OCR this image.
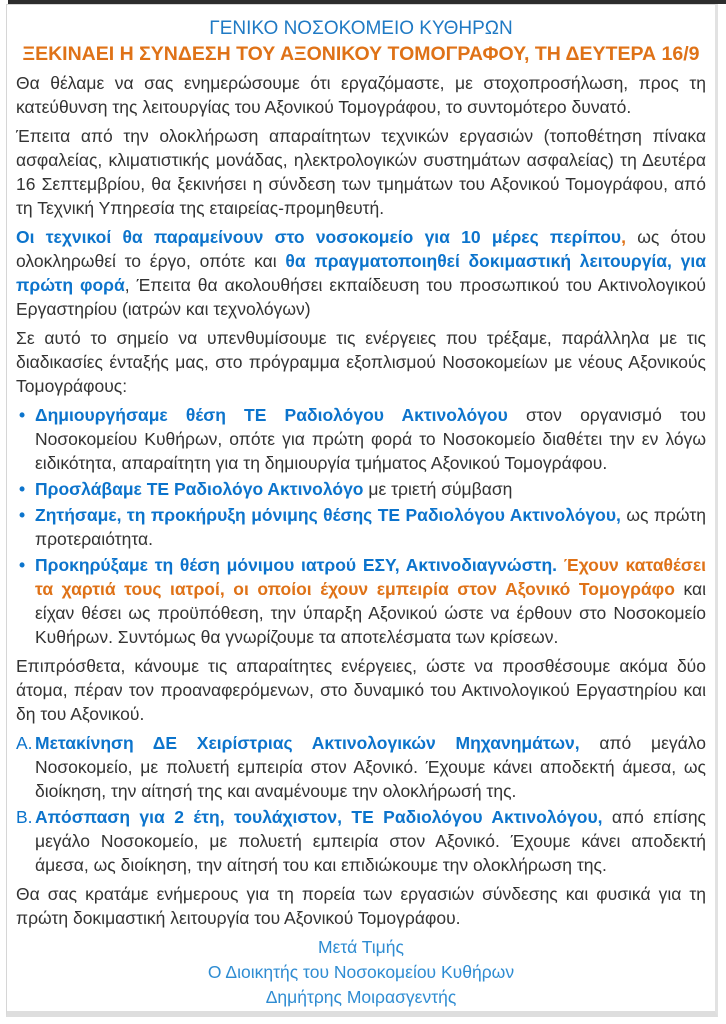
ΓΕΝΙΚΟ ΝΟΣΟΚΟΜΕΙΟ ΚΥΘΗΡΩΝ
ΞΕΚΙΝΑΕΙ Η ΣΥΝΔΕΣΗ ΤΟΥ ΑΞΟΝΙΚΟΥ ΤΟΜΟΓΡΑΦΟΥ, ΤΗ ΔΕΥΤΕΡΑ 16/9
Θα θέλαμε να σας ενημερώσουμε ότι εργαζόμαστε, με στοχοπροσήλωση, προς τη κατεύθυνση της λειτουργίας του Αξονικού Τομογράφου, το συντομότερο δυνατό.
Έπειτα από την ολοκλήρωση απαραίτητων τεχνικών εργασιών (τοποθέτηση πίνακα ασφαλείας, κλιματιστικής μονάδας, ηλεκτρολογικών συστημάτων ασφαλείας) τη Δευτέρα 16 Σεπτεμβρίου, θα ξεκινήσει η σύνδεση των τμημάτων του Αξονικού Τομογράφου, από τη Τεχνική Υπηρεσία της εταιρείας-προμηθευτή.
Οι τεχνικοί θα παραμείνουν στο νοσοκομείο για 10 μέρες περίπου, ως ότου ολοκληρωθεί το έργο, οπότε και θα πραγματοποιηθεί δοκιμαστική λειτουργία, για πρώτη φορά, Έπειτα θα ακολουθήσει εκπαίδευση του προσωπικού του Ακτινολογικού Εργαστηρίου (ιατρών και τεχνολόγων)
Σε αυτό το σημείο να υπενθυμίσουμε τις ενέργειες που τρέξαμε, παράλληλα με τις διαδικασίες ένταξής μας, στο πρόγραμμα εξοπλισμού Νοσοκομείων με νέους Αξονικούς Τομογράφους:
• Δημιουργήσαμε θέση ΤΕ Ραδιολόγου Ακτινολόγου στον οργανισμό του Νοσοκομείου Κυθήρων, οπότε για πρώτη φορά το Νοσοκομείο διαθέτει την εν λόγω ειδικότητα, απαραίτητη για τη δημιουργία τμήματος Αξονικού Τομογράφου.
• Προσλάβαμε ΤΕ Ραδιολόγο Ακτινολόγο με τριετή σύμβαση
• Ζητήσαμε, τη προκήρυξη μόνιμης θέσης ΤΕ Ραδιολόγου Ακτινολόγου, ως πρώτη προτεραιότητα.
• Προκηρύξαμε τη θέση μόνιμου ιατρού ΕΣΥ, Ακτινοδιαγνώστη. Έχουν καταθέσει τα χαρτιά τους ιατροί, οι οποίοι έχουν εμπειρία στον Αξονικό Τομογράφο και είχαν θέσει ως προϋπόθεση, την ύπαρξη Αξονικού ώστε να έρθουν στο Νοσοκομείο Κυθήρων. Συντόμως θα γνωρίζουμε τα αποτελέσματα των κρίσεων.
Επιπρόσθετα, κάνουμε τις απαραίτητες ενέργειες, ώστε να προσθέσουμε ακόμα δύο άτομα, πέραν τον προαναφερόμενων, στο δυναμικό του Ακτινολογικού Εργαστηρίου και δη του Αξονικού.
Α. Μετακίνηση ΔΕ Χειρίστριας Ακτινολογικών Μηχανημάτων, από μεγάλο Νοσοκομείο, με πολυετή εμπειρία στον Αξονικό. Έχουμε κάνει αποδεκτή άμεσα, ως διοίκηση, την αίτησή της και αναμένουμε την ολοκλήρωσή της.
Β. Απόσπαση για 2 έτη, τουλάχιστον, ΤΕ Ραδιολόγου Ακτινολόγου, από επίσης μεγάλο Νοσοκομείο, με πολυετή εμπειρία στον Αξονικό. Έχουμε κάνει αποδεκτή άμεσα, ως διοίκηση, την αίτησή του και επιδιώκουμε την ολοκλήρωση της.
Θα σας κρατάμε ενήμερους για τη πορεία των εργασιών σύνδεσης και φυσικά για τη πρώτη δοκιμαστική λειτουργία του Αξονικού Τομογράφου.
Μετά Τιμής
Ο Διοικητής του Νοσοκομείου Κυθήρων
Δημήτρης Μοιρασγεντής
